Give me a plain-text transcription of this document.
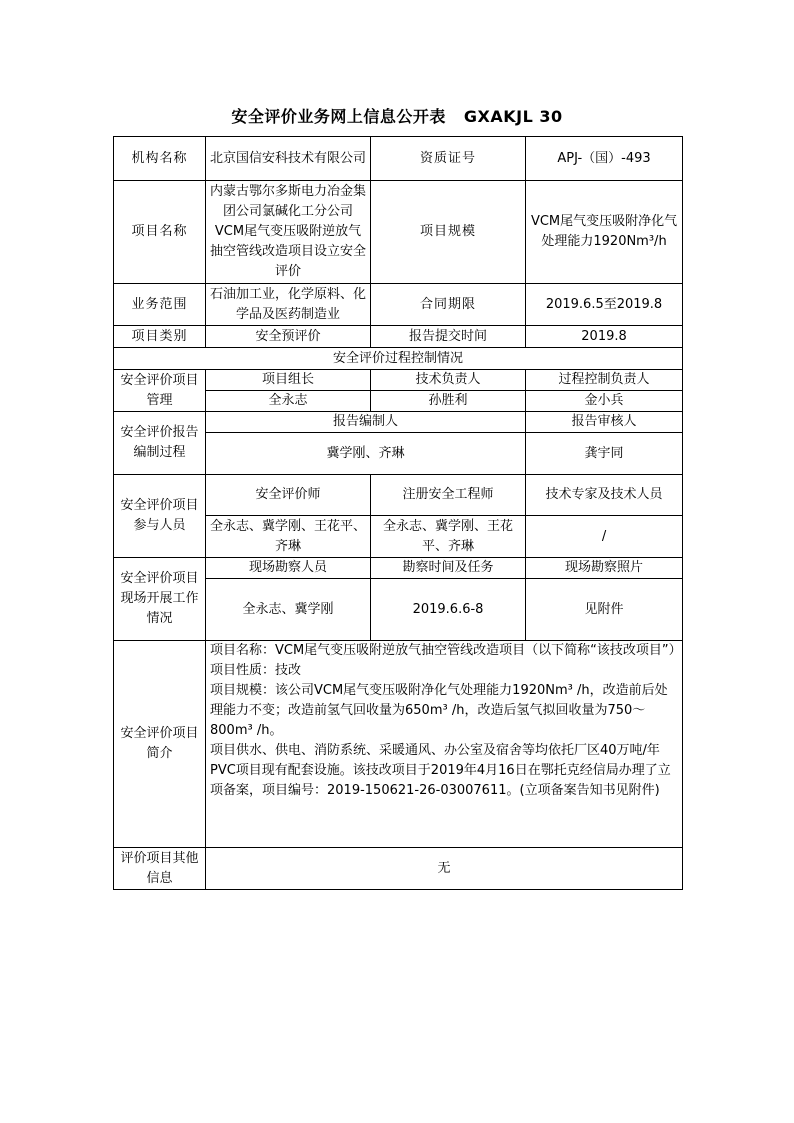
安全评价业务网上信息公开表 GXAKJL 30
机构名称	北京国信安科技术有限公司	资质证号	APJ-（国）-493
项目名称	内蒙古鄂尔多斯电力冶金集团公司氯碱化工分公司VCM尾气变压吸附逆放气抽空管线改造项目设立安全评价	项目规模	VCM尾气变压吸附净化气处理能力1920Nm³/h
业务范围	石油加工业，化学原料、化学品及医药制造业	合同期限	2019.6.5至2019.8
项目类别	安全预评价	报告提交时间	2019.8
安全评价过程控制情况			
安全评价项目管理	项目组长	技术负责人	过程控制负责人
	全永志	孙胜利	金小兵
安全评价报告编制过程	报告编制人		报告审核人
	冀学刚、齐琳		龚宇同
安全评价项目参与人员	安全评价师	注册安全工程师	技术专家及技术人员
	全永志、冀学刚、王花平、齐琳	全永志、冀学刚、王花平、齐琳	/
安全评价项目现场开展工作情况	现场勘察人员	勘察时间及任务	现场勘察照片
	全永志、冀学刚	2019.6.6-8	见附件
安全评价项目简介	项目名称：VCM尾气变压吸附逆放气抽空管线改造项目（以下简称“该技改项目”）
项目性质：技改
项目规模：该公司VCM尾气变压吸附净化气处理能力1920Nm³ /h，改造前后处理能力不变；改造前氢气回收量为650m³ /h，改造后氢气拟回收量为750～800m³ /h。
项目供水、供电、消防系统、采暖通风、办公室及宿舍等均依托厂区40万吨/年PVC项目现有配套设施。该技改项目于2019年4月16日在鄂托克经信局办理了立项备案，项目编号：2019-150621-26-03007611。(立项备案告知书见附件)		

评价项目其他信息	无		
